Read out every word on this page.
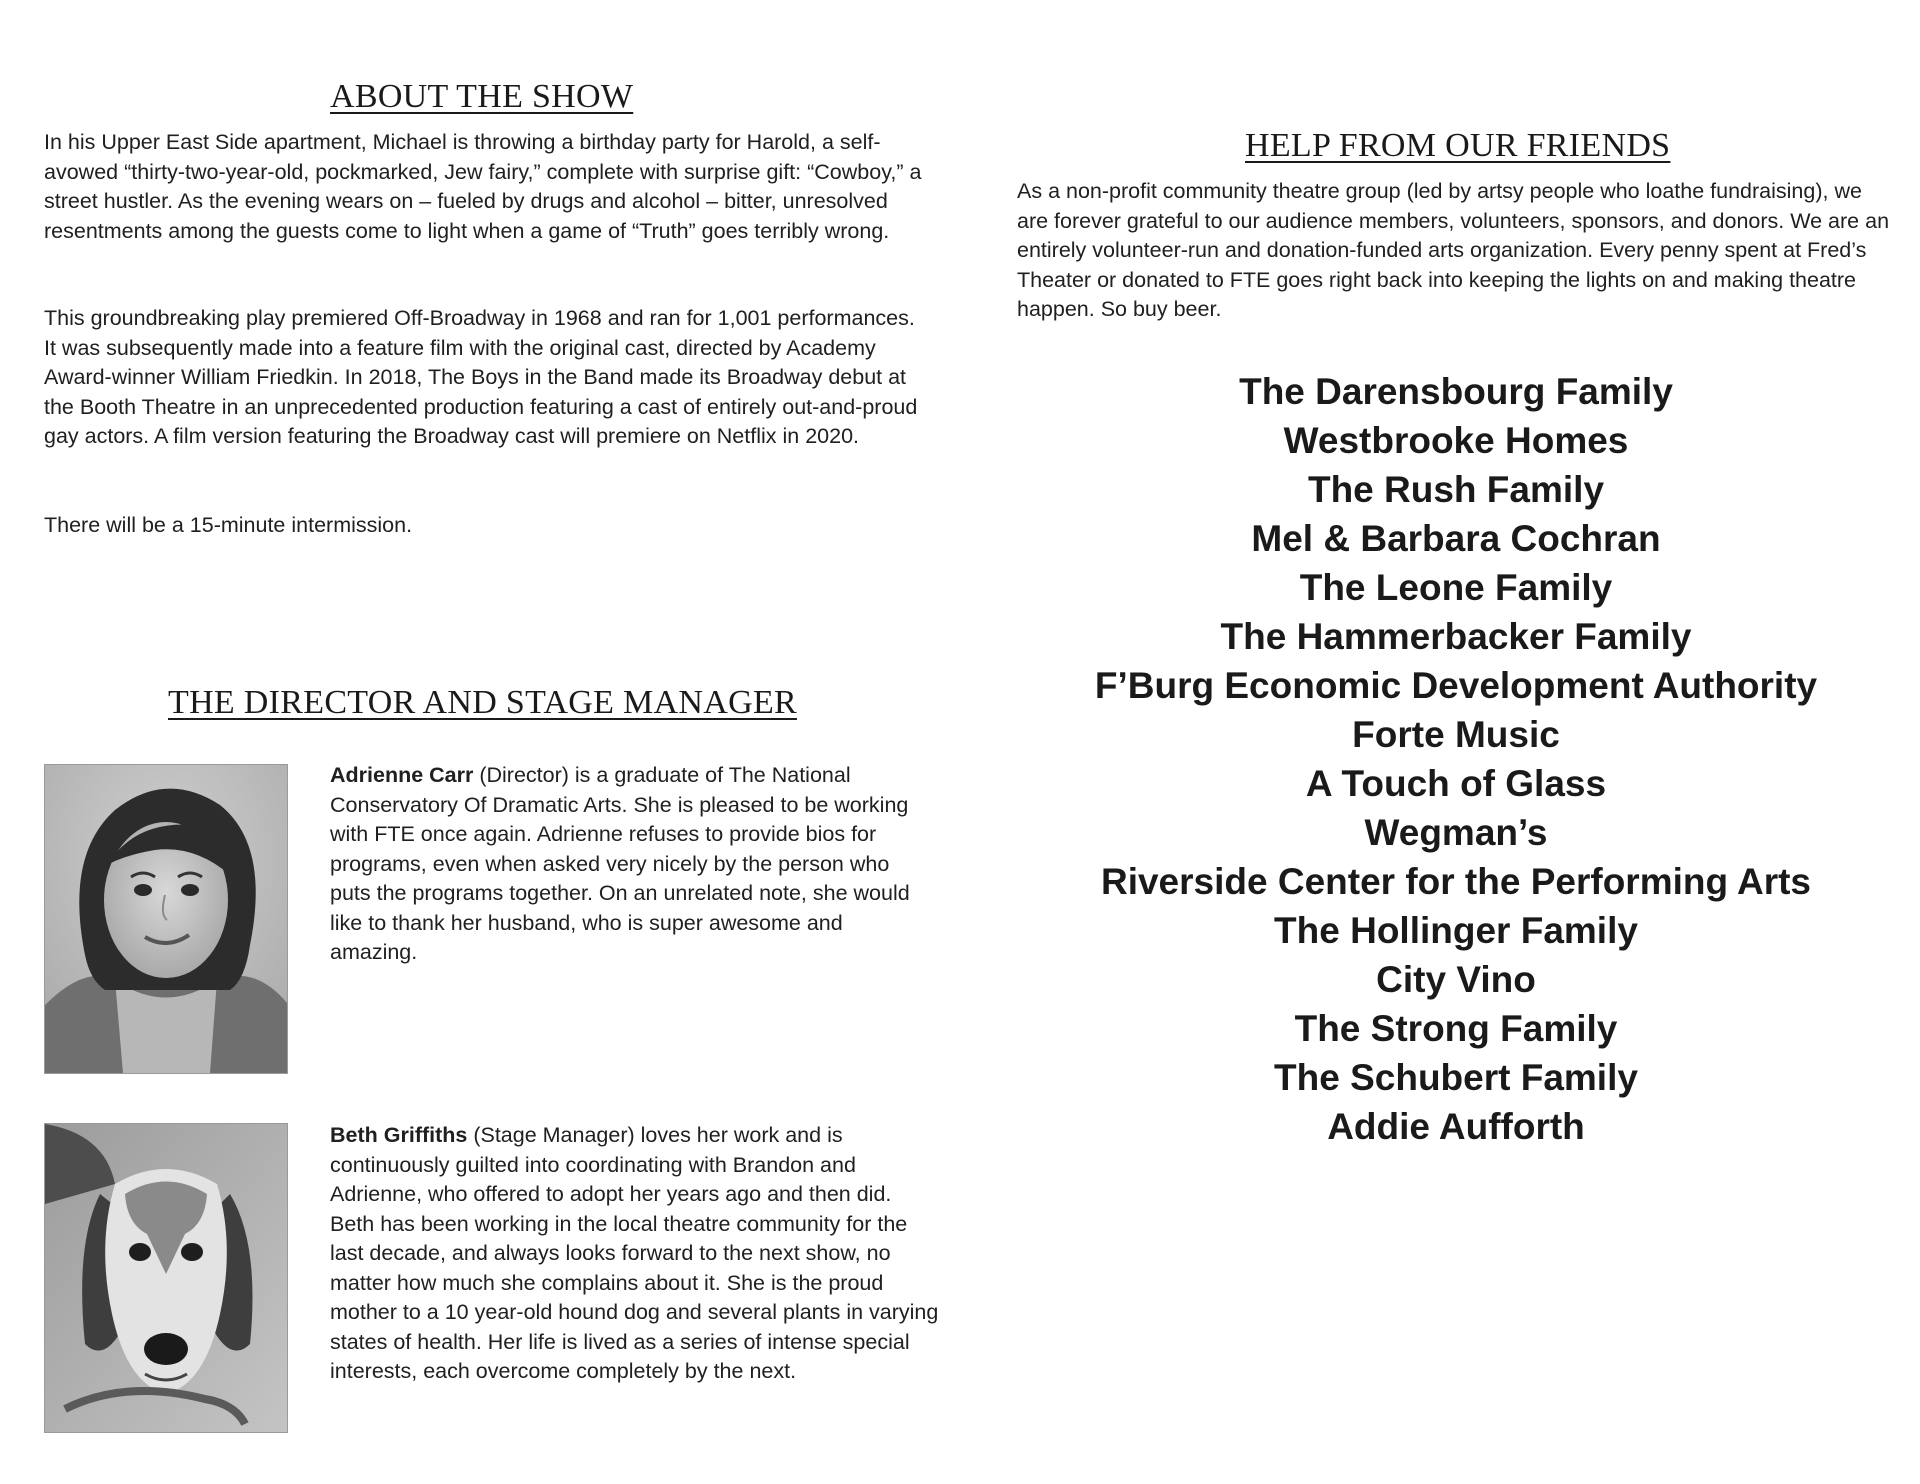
ABOUT THE SHOW

In his Upper East Side apartment, Michael is throwing a birthday party for Harold, a self-avowed “thirty-two-year-old, pockmarked, Jew fairy,” complete with surprise gift: “Cowboy,” a street hustler. As the evening wears on – fueled by drugs and alcohol – bitter, unresolved resentments among the guests come to light when a game of “Truth” goes terribly wrong.

This groundbreaking play premiered Off-Broadway in 1968 and ran for 1,001 performances. It was subsequently made into a feature film with the original cast, directed by Academy Award-winner William Friedkin. In 2018, The Boys in the Band made its Broadway debut at the Booth Theatre in an unprecedented production featuring a cast of entirely out-and-proud gay actors. A film version featuring the Broadway cast will premiere on Netflix in 2020.

There will be a 15-minute intermission.

THE DIRECTOR AND STAGE MANAGER

Adrienne Carr (Director) is a graduate of The National Conservatory Of Dramatic Arts. She is pleased to be working with FTE once again. Adrienne refuses to provide bios for programs, even when asked very nicely by the person who puts the programs together. On an unrelated note, she would like to thank her husband, who is super awesome and amazing.

Beth Griffiths (Stage Manager) loves her work and is continuously guilted into coordinating with Brandon and Adrienne, who offered to adopt her years ago and then did. Beth has been working in the local theatre community for the last decade, and always looks forward to the next show, no matter how much she complains about it. She is the proud mother to a 10 year-old hound dog and several plants in varying states of health. Her life is lived as a series of intense special interests, each overcome completely by the next.

HELP FROM OUR FRIENDS

As a non-profit community theatre group (led by artsy people who loathe fundraising), we are forever grateful to our audience members, volunteers, sponsors, and donors. We are an entirely volunteer-run and donation-funded arts organization. Every penny spent at Fred’s Theater or donated to FTE goes right back into keeping the lights on and making theatre happen. So buy beer.

The Darensbourg Family
Westbrooke Homes
The Rush Family
Mel & Barbara Cochran
The Leone Family
The Hammerbacker Family
F’Burg Economic Development Authority
Forte Music
A Touch of Glass
Wegman’s
Riverside Center for the Performing Arts
The Hollinger Family
City Vino
The Strong Family
The Schubert Family
Addie Aufforth
